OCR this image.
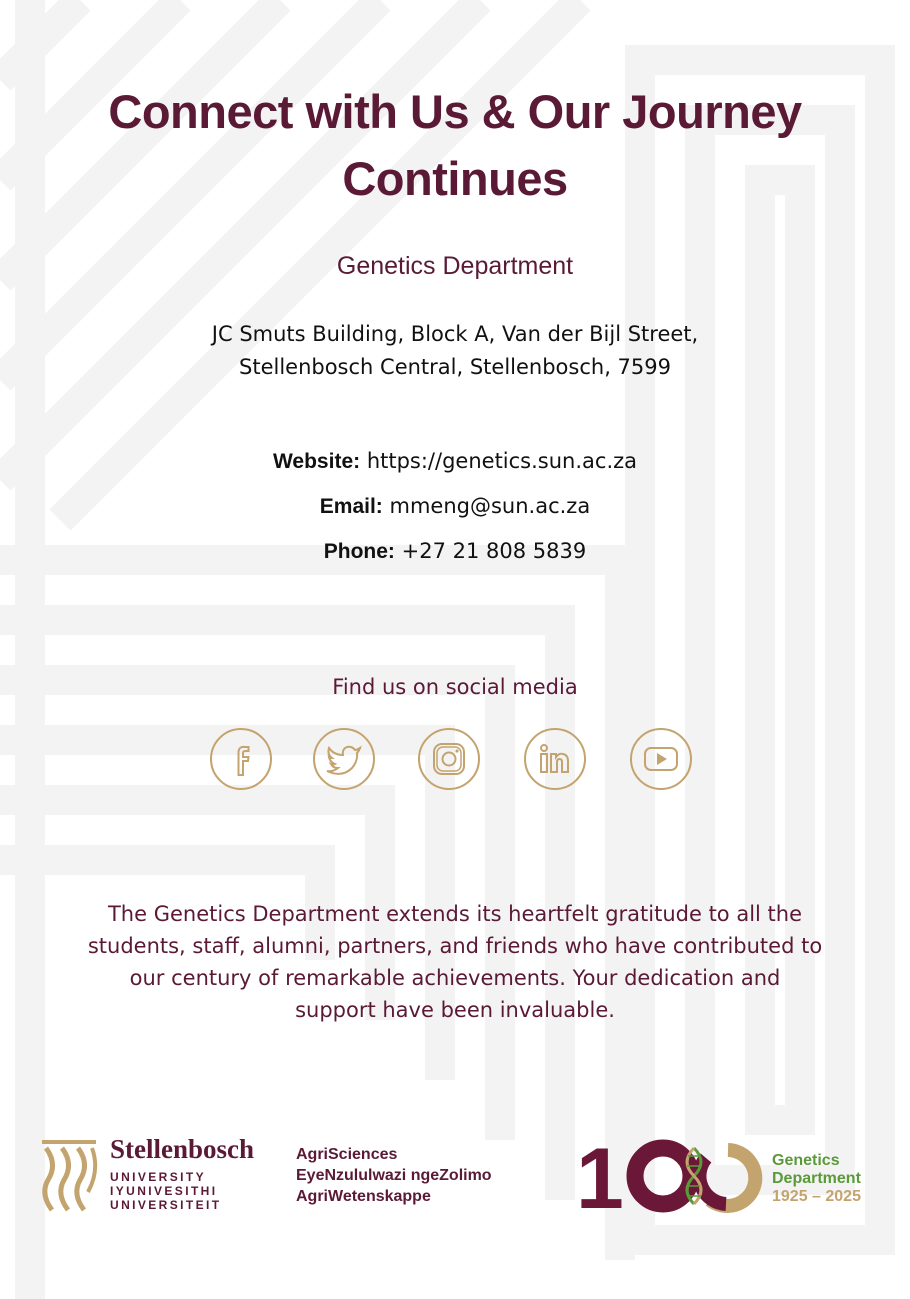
Connect with Us & Our Journey
Continues
Genetics Department
JC Smuts Building, Block A, Van der Bijl Street,
Stellenbosch Central, Stellenbosch, 7599
Website: https://genetics.sun.ac.za
Email: mmeng@sun.ac.za
Phone: +27 21 808 5839
Find us on social media
The Genetics Department extends its heartfelt gratitude to all the
students, staff, alumni, partners, and friends who have contributed to
our century of remarkable achievements. Your dedication and
support have been invaluable.
Stellenbosch
UNIVERSITY
IYUNIVESITHI
UNIVERSITEIT
AgriSciences
EyeNzululwazi ngeZolimo
AgriWetenskappe 1	Genetics
Department
1925 – 2025
